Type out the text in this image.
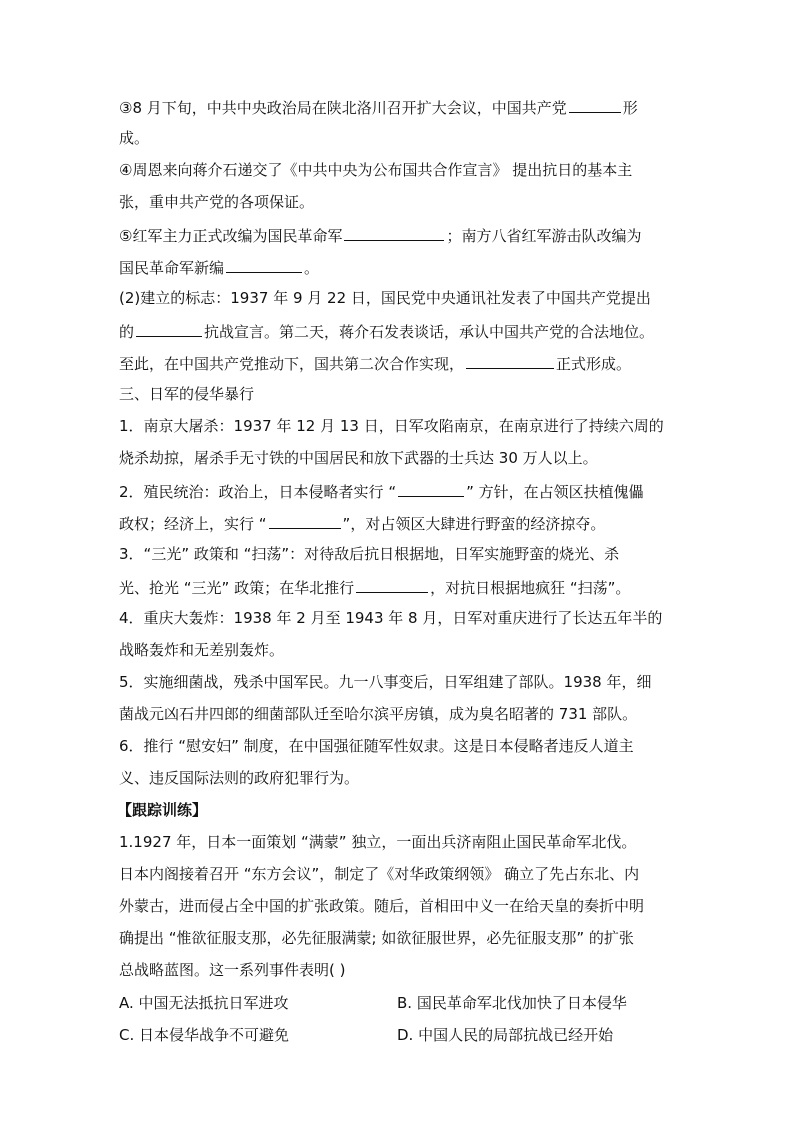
③8 月下旬，中共中央政治局在陕北洛川召开扩大会议，中国共产党	形
成。
④周恩来向蒋介石递交了《中共中央为公布国共合作宣言》 提出抗日的基本主
张，重申共产党的各项保证。
⑤红军主力正式改编为国民革命军	；南方八省红军游击队改编为
国民革命军新编	。
(2)建立的标志：1937 年 9 月 22 日，国民党中央通讯社发表了中国共产党提出
的	抗战宣言。第二天，蒋介石发表谈话，承认中国共产党的合法地位。
至此，在中国共产党推动下，国共第二次合作实现，	正式形成。
三、日军的侵华暴行
1．南京大屠杀：1937 年 12 月 13 日，日军攻陷南京，在南京进行了持续六周的
烧杀劫掠，屠杀手无寸铁的中国居民和放下武器的士兵达 30 万人以上。
2．殖民统治：政治上，日本侵略者实行 “	” 方针，在占领区扶植傀儡
政权；经济上，实行 “	”，对占领区大肆进行野蛮的经济掠夺。
3．“三光” 政策和 “扫荡”：对待敌后抗日根据地，日军实施野蛮的烧光、杀
光、抢光 “三光” 政策；在华北推行	，对抗日根据地疯狂 “扫荡”。
4．重庆大轰炸：1938 年 2 月至 1943 年 8 月，日军对重庆进行了长达五年半的
战略轰炸和无差别轰炸。
5．实施细菌战，残杀中国军民。九一八事变后，日军组建了部队。1938 年，细
菌战元凶石井四郎的细菌部队迁至哈尔滨平房镇，成为臭名昭著的 731 部队。
6．推行 “慰安妇” 制度，在中国强征随军性奴隶。这是日本侵略者违反人道主
义、违反国际法则的政府犯罪行为。
【跟踪训练】
1.1927 年，日本一面策划 “满蒙” 独立，一面出兵济南阻止国民革命军北伐。
日本内阁接着召开 “东方会议”，制定了《对华政策纲领》 确立了先占东北、内
外蒙古，进而侵占全中国的扩张政策。随后，首相田中义一在给天皇的奏折中明
确提出 “惟欲征服支那，必先征服满蒙; 如欲征服世界，必先征服支那” 的扩张
总战略蓝图。这一系列事件表明( )
A. 中国无法抵抗日军进攻	B. 国民革命军北伐加快了日本侵华
C. 日本侵华战争不可避免	D. 中国人民的局部抗战已经开始
